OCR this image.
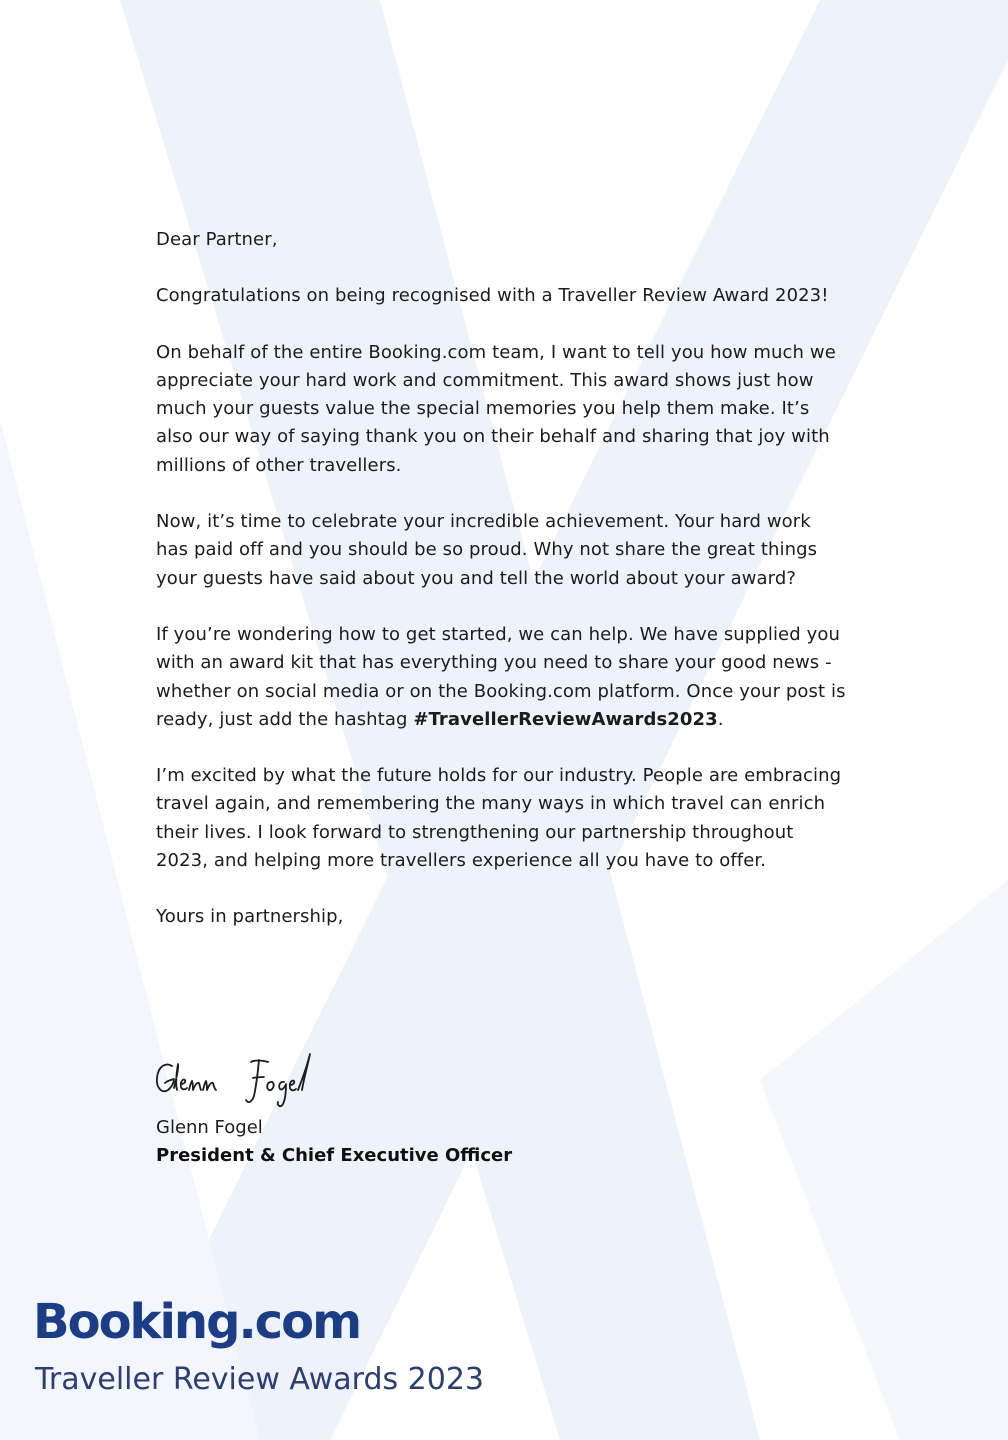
Dear Partner,

Congratulations on being recognised with a Traveller Review Award 2023!

On behalf of the entire Booking.com team, I want to tell you how much we appreciate your hard work and commitment. This award shows just how much your guests value the special memories you help them make. It’s also our way of saying thank you on their behalf and sharing that joy with millions of other travellers.

Now, it’s time to celebrate your incredible achievement. Your hard work has paid off and you should be so proud. Why not share the great things your guests have said about you and tell the world about your award?

If you’re wondering how to get started, we can help. We have supplied you with an award kit that has everything you need to share your good news - whether on social media or on the Booking.com platform. Once your post is ready, just add the hashtag #TravellerReviewAwards2023.

I’m excited by what the future holds for our industry. People are embracing travel again, and remembering the many ways in which travel can enrich their lives. I look forward to strengthening our partnership throughout 2023, and helping more travellers experience all you have to offer.

Yours in partnership,

Glenn Fogel
President & Chief Executive Officer
Booking.com
Traveller Review Awards 2023
